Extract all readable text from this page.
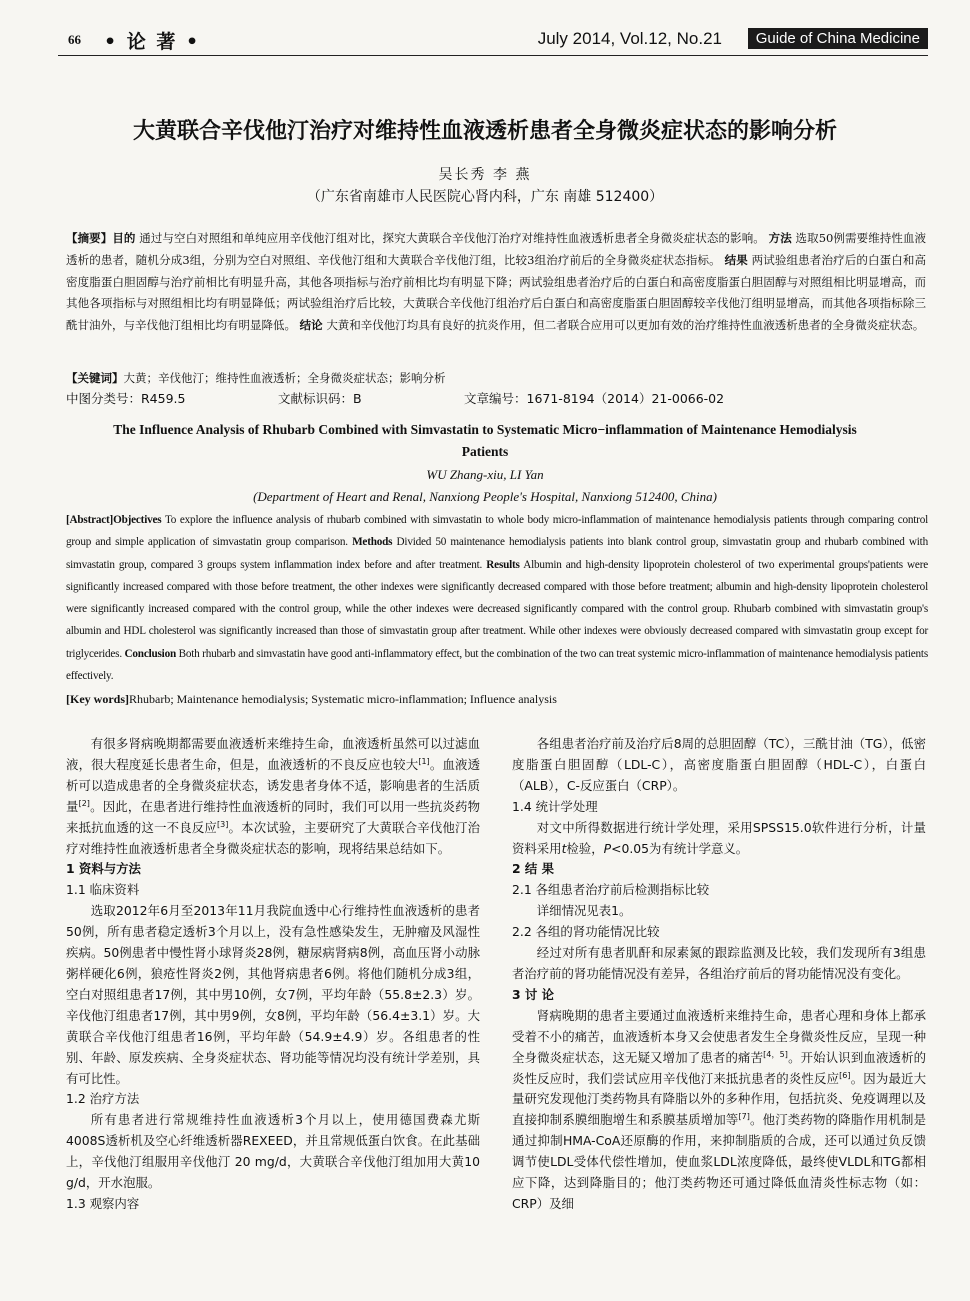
66 • 论 著 •	July 2014, Vol.12, No.21	Guide of China Medicine
大黄联合辛伐他汀治疗对维持性血液透析患者全身微炎症状态的影响分析
吴长秀 李 燕
（广东省南雄市人民医院心肾内科，广东 南雄 512400）
【摘要】目的 通过与空白对照组和单纯应用辛伐他汀组对比，探究大黄联合辛伐他汀治疗对维持性血液透析患者全身微炎症状态的影响。 方法 选取50例需要维持性血液透析的患者，随机分成3组，分别为空白对照组、辛伐他汀组和大黄联合辛伐他汀组，比较3组治疗前后的全身微炎症状态指标。 结果 两试验组患者治疗后的白蛋白和高密度脂蛋白胆固醇与治疗前相比有明显升高，其他各项指标与治疗前相比均有明显下降；两试验组患者治疗后的白蛋白和高密度脂蛋白胆固醇与对照组相比明显增高，而其他各项指标与对照组相比均有明显降低；两试验组治疗后比较，大黄联合辛伐他汀组治疗后白蛋白和高密度脂蛋白胆固醇较辛伐他汀组明显增高，而其他各项指标除三酰甘油外，与辛伐他汀组相比均有明显降低。 结论 大黄和辛伐他汀均具有良好的抗炎作用，但二者联合应用可以更加有效的治疗维持性血液透析患者的全身微炎症状态。
【关键词】大黄；辛伐他汀；维持性血液透析；全身微炎症状态；影响分析
中图分类号：R459.5	文献标识码：B	文章编号：1671-8194（2014）21-0066-02
The Influence Analysis of Rhubarb Combined with Simvastatin to Systematic Micro−inflammation of Maintenance Hemodialysis Patients
WU Zhang-xiu, LI Yan
(Department of Heart and Renal, Nanxiong People's Hospital, Nanxiong 512400, China)
[Abstract]Objectives To explore the influence analysis of rhubarb combined with simvastatin to whole body micro-inflammation of maintenance hemodialysis patients through comparing control group and simple application of simvastatin group comparison. Methods Divided 50 maintenance hemodialysis patients into blank control group, simvastatin group and rhubarb combined with simvastatin group, compared 3 groups system inflammation index before and after treatment. Results Albumin and high-density lipoprotein cholesterol of two experimental groups'patients were significantly increased compared with those before treatment, the other indexes were significantly decreased compared with those before treatment; albumin and high-density lipoprotein cholesterol were significantly increased compared with the control group, while the other indexes were decreased significantly compared with the control group. Rhubarb combined with simvastatin group's albumin and HDL cholesterol was significantly increased than those of simvastatin group after treatment. While other indexes were obviously decreased compared with simvastatin group except for triglycerides. Conclusion Both rhubarb and simvastatin have good anti-inflammatory effect, but the combination of the two can treat systemic micro-inflammation of maintenance hemodialysis patients effectively.
[Key words]Rhubarb; Maintenance hemodialysis; Systematic micro-inflammation; Influence analysis

有很多肾病晚期都需要血液透析来维持生命，血液透析虽然可以过滤血液，很大程度延长患者生命，但是，血液透析的不良反应也较大[1]。血液透析可以造成患者的全身微炎症状态，诱发患者身体不适，影响患者的生活质量[2]。因此，在患者进行维持性血液透析的同时，我们可以用一些抗炎药物来抵抗血透的这一不良反应[3]。本次试验，主要研究了大黄联合辛伐他汀治疗对维持性血液透析患者全身微炎症状态的影响，现将结果总结如下。

1 资料与方法
1.1 临床资料

选取2012年6月至2013年11月我院血透中心行维持性血液透析的患者50例，所有患者稳定透析3个月以上，没有急性感染发生，无肿瘤及风湿性疾病。50例患者中慢性肾小球肾炎28例，糖尿病肾病8例，高血压肾小动脉粥样硬化6例，狼疮性肾炎2例，其他肾病患者6例。将他们随机分成3组，空白对照组患者17例，其中男10例，女7例，平均年龄（55.8±2.3）岁。辛伐他汀组患者17例，其中男9例，女8例，平均年龄（56.4±3.1）岁。大黄联合辛伐他汀组患者16例，平均年龄（54.9±4.9）岁。各组患者的性别、年龄、原发疾病、全身炎症状态、肾功能等情况均没有统计学差别，具有可比性。

1.2 治疗方法

所有患者进行常规维持性血液透析3个月以上，使用德国费森尤斯4008S透析机及空心纤维透析器REXEED，并且常规低蛋白饮食。在此基础上，辛伐他汀组服用辛伐他汀 20 mg/d，大黄联合辛伐他汀组加用大黄10 g/d，开水泡服。

1.3 观察内容

各组患者治疗前及治疗后8周的总胆固醇（TC），三酰甘油（TG），低密度脂蛋白胆固醇（LDL-C），高密度脂蛋白胆固醇（HDL-C），白蛋白（ALB），C-反应蛋白（CRP）。

1.4 统计学处理

对文中所得数据进行统计学处理，采用SPSS15.0软件进行分析，计量资料采用t检验，P<0.05为有统计学意义。

2 结 果
2.1 各组患者治疗前后检测指标比较

详细情况见表1。

2.2 各组的肾功能情况比较

经过对所有患者肌酐和尿素氮的跟踪监测及比较，我们发现所有3组患者治疗前的肾功能情况没有差异，各组治疗前后的肾功能情况没有变化。

3 讨 论

肾病晚期的患者主要通过血液透析来维持生命，患者心理和身体上都承受着不小的痛苦，血液透析本身又会使患者发生全身微炎性反应，呈现一种全身微炎症状态，这无疑又增加了患者的痛苦[4，5]。开始认识到血液透析的炎性反应时，我们尝试应用辛伐他汀来抵抗患者的炎性反应[6]。因为最近大量研究发现他汀类药物具有降脂以外的多种作用，包括抗炎、免疫调理以及直接抑制系膜细胞增生和系膜基质增加等[7]。他汀类药物的降脂作用机制是通过抑制HMA-CoA还原酶的作用，来抑制脂质的合成，还可以通过负反馈调节使LDL受体代偿性增加，使血浆LDL浓度降低，最终使VLDL和TG都相应下降，达到降脂目的；他汀类药物还可通过降低血清炎性标志物（如：CRP）及细
